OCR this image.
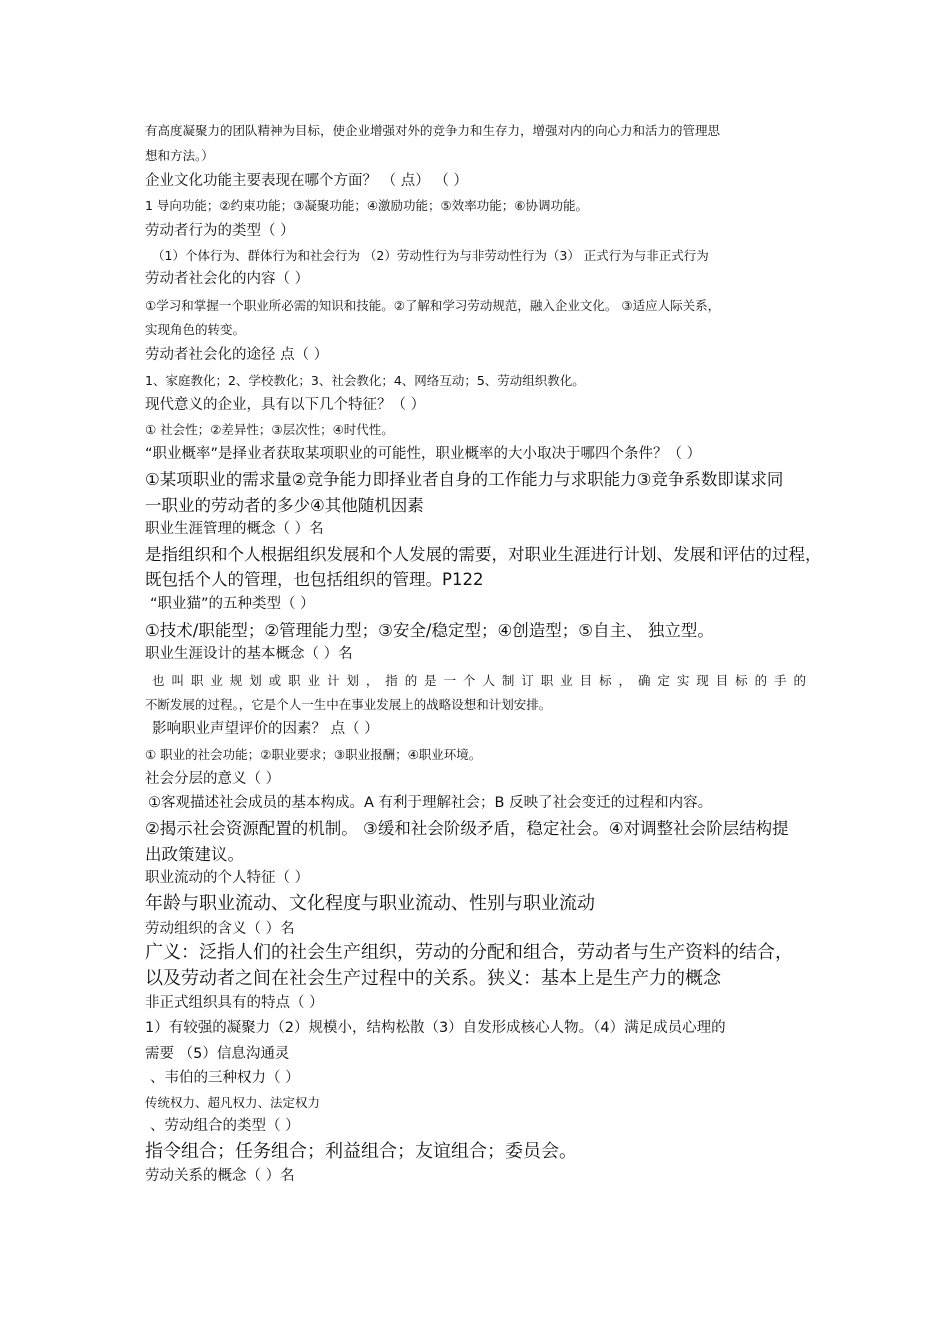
有高度凝聚力的团队精神为目标，使企业增强对外的竞争力和生存力，增强对内的向心力和活力的管理思
想和方法。）
企业文化功能主要表现在哪个方面？ （ 点） （ ）
1 导向功能；②约束功能；③凝聚功能；④激励功能；⑤效率功能；⑥协调功能。
劳动者行为的类型（ ）
（1）个体行为、群体行为和社会行为 （2）劳动性行为与非劳动性行为（3） 正式行为与非正式行为
劳动者社会化的内容（ ）
①学习和掌握一个职业所必需的知识和技能。②了解和学习劳动规范，融入企业文化。 ③适应人际关系，
实现角色的转变。
劳动者社会化的途径 点（ ）
1、家庭教化；2、学校教化；3、社会教化；4、网络互动；5、劳动组织教化。
现代意义的企业，具有以下几个特征？（ ）
① 社会性；②差异性；③层次性；④时代性。
“职业概率”是择业者获取某项职业的可能性，职业概率的大小取决于哪四个条件？（ ）
①某项职业的需求量②竞争能力即择业者自身的工作能力与求职能力③竞争系数即谋求同
一职业的劳动者的多少④其他随机因素
职业生涯管理的概念（ ）名
是指组织和个人根据组织发展和个人发展的需要，对职业生涯进行计划、发展和评估的过程，
既包括个人的管理，也包括组织的管理。P122
“职业猫”的五种类型（ ）
①技术/职能型；②管理能力型；③安全/稳定型；④创造型；⑤自主、 独立型。
职业生涯设计的基本概念（ ）名
也叫职业规划或职业计划，指的是一个人制订职业目标，确定实现目标的手的
不断发展的过程。，它是个人一生中在事业发展上的战略设想和计划安排。
影响职业声望评价的因素？ 点（ ）
① 职业的社会功能；②职业要求；③职业报酬；④职业环境。
社会分层的意义（ ）
①客观描述社会成员的基本构成。A 有利于理解社会；B 反映了社会变迁的过程和内容。
②揭示社会资源配置的机制。 ③缓和社会阶级矛盾，稳定社会。④对调整社会阶层结构提
出政策建议。
职业流动的个人特征（ ）
年龄与职业流动、文化程度与职业流动、性别与职业流动
劳动组织的含义（ ）名
广义：泛指人们的社会生产组织，劳动的分配和组合，劳动者与生产资料的结合，
以及劳动者之间在社会生产过程中的关系。狭义：基本上是生产力的概念
非正式组织具有的特点（ ）
1）有较强的凝聚力（2）规模小，结构松散（3）自发形成核心人物。（4）满足成员心理的
需要 （5）信息沟通灵
、韦伯的三种权力（ ）
传统权力、超凡权力、法定权力
、劳动组合的类型（ ）
指令组合；任务组合；利益组合；友谊组合；委员会。
劳动关系的概念（ ）名
